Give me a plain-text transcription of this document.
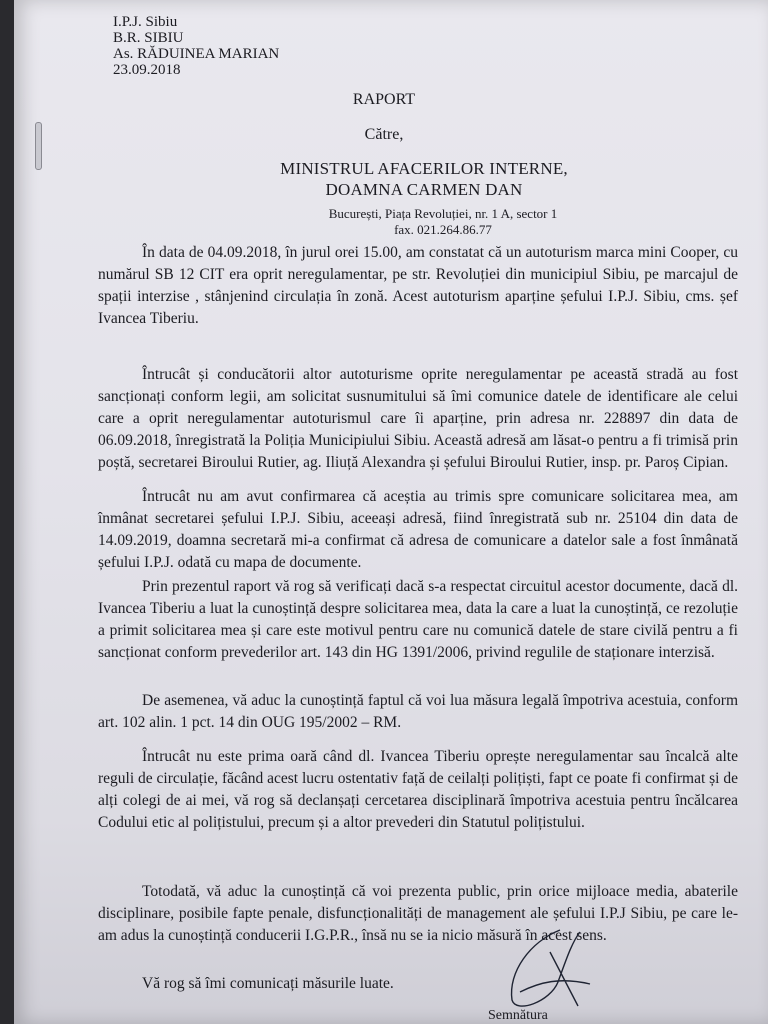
I.P.J. Sibiu
B.R. SIBIU
As. RĂDUINEA MARIAN
23.09.2018
RAPORT
Către,
MINISTRUL AFACERILOR INTERNE,
DOAMNA CARMEN DAN
București, Piața Revoluției, nr. 1 A, sector 1
fax. 021.264.86.77
În data de 04.09.2018, în jurul orei 15.00, am constatat că un autoturism marca mini Cooper, cu numărul SB 12 CIT era oprit neregulamentar, pe str. Revoluției din municipiul Sibiu, pe marcajul de spații interzise , stânjenind circulația în zonă. Acest autoturism aparține șefului I.P.J. Sibiu, cms. șef Ivancea Tiberiu.
Întrucât și conducătorii altor autoturisme oprite neregulamentar pe această stradă au fost sancționați conform legii, am solicitat susnumitului să îmi comunice datele de identificare ale celui care a oprit neregulamentar autoturismul care îi aparține, prin adresa nr. 228897 din data de 06.09.2018, înregistrată la Poliția Municipiului Sibiu. Această adresă am lăsat-o pentru a fi trimisă prin poștă, secretarei Biroului Rutier, ag. Iliuță Alexandra și șefului Biroului Rutier, insp. pr. Paroș Cipian.
Întrucât nu am avut confirmarea că aceștia au trimis spre comunicare solicitarea mea, am înmânat secretarei șefului I.P.J. Sibiu, aceeași adresă, fiind înregistrată sub nr. 25104 din data de 14.09.2019, doamna secretară mi-a confirmat că adresa de comunicare a datelor sale a fost înmânată șefului I.P.J. odată cu mapa de documente.
Prin prezentul raport vă rog să verificați dacă s-a respectat circuitul acestor documente, dacă dl. Ivancea Tiberiu a luat la cunoștință despre solicitarea mea, data la care a luat la cunoștință, ce rezoluție a primit solicitarea mea și care este motivul pentru care nu comunică datele de stare civilă pentru a fi sancționat conform prevederilor art. 143 din HG 1391/2006, privind regulile de staționare interzisă.
De asemenea, vă aduc la cunoștință faptul că voi lua măsura legală împotriva acestuia, conform art. 102 alin. 1 pct. 14 din OUG 195/2002 – RM.
Întrucât nu este prima oară când dl. Ivancea Tiberiu oprește neregulamentar sau încalcă alte reguli de circulație, făcând acest lucru ostentativ față de ceilalți polițiști, fapt ce poate fi confirmat și de alți colegi de ai mei, vă rog să declanșați cercetarea disciplinară împotriva acestuia pentru încălcarea Codului etic al polițistului, precum și a altor prevederi din Statutul polițistului.
Totodată, vă aduc la cunoștință că voi prezenta public, prin orice mijloace media, abaterile disciplinare, posibile fapte penale, disfuncționalități de management ale șefului I.P.J Sibiu, pe care le-am adus la cunoștință conducerii I.G.P.R., însă nu se ia nicio măsură în acest sens.
Vă rog să îmi comunicați măsurile luate.
Semnătura
